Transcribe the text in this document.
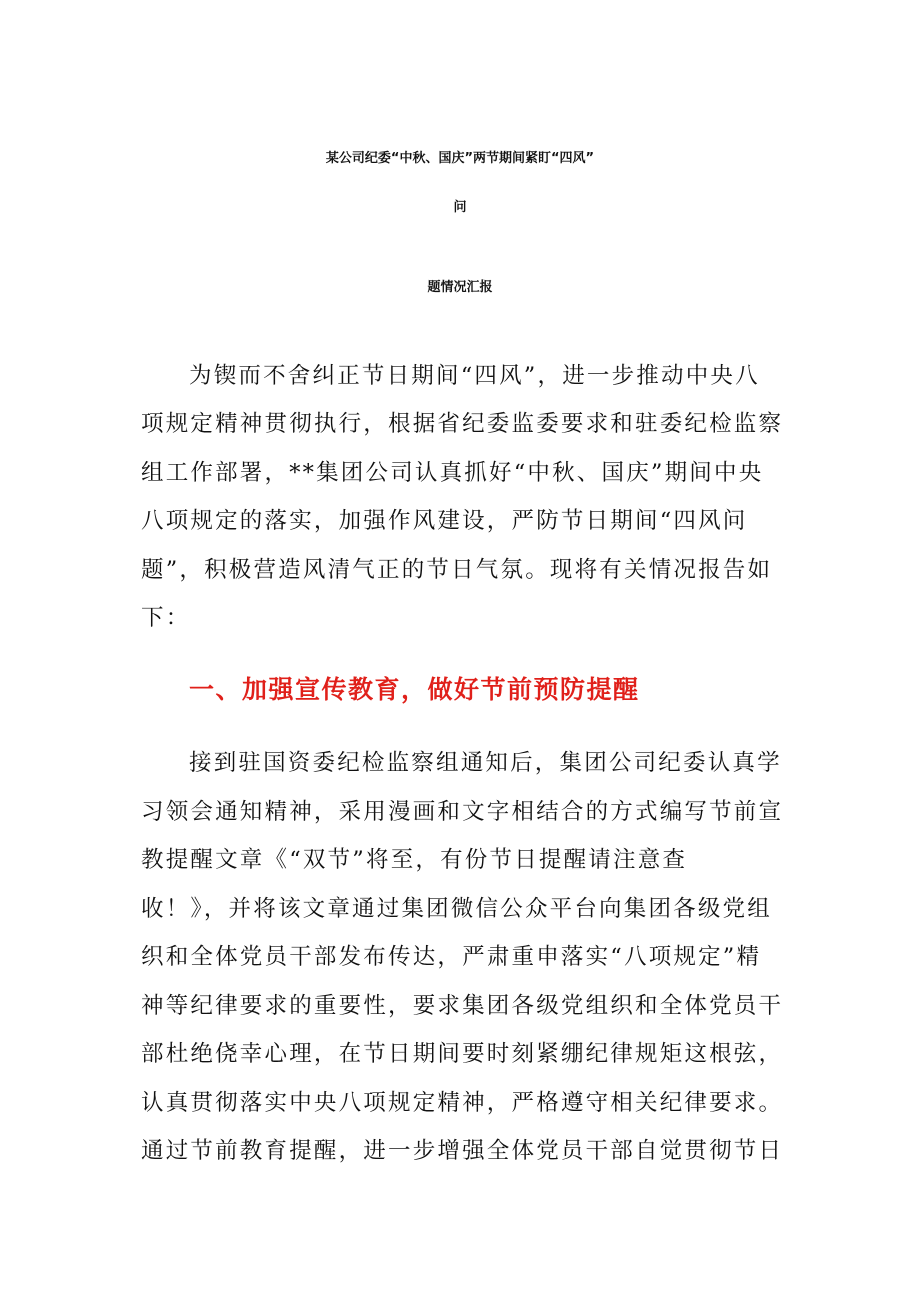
某公司纪委“中秋、国庆”两节期间紧盯“四风”
问
题情况汇报
为锲而不舍纠正节日期间“四风”，进一步推动中央八
项规定精神贯彻执行，根据省纪委监委要求和驻委纪检监察
组工作部署，**集团公司认真抓好“中秋、国庆”期间中央
八项规定的落实，加强作风建设，严防节日期间“四风问
题”，积极营造风清气正的节日气氛。现将有关情况报告如
下：
一、加强宣传教育，做好节前预防提醒
接到驻国资委纪检监察组通知后，集团公司纪委认真学
习领会通知精神，采用漫画和文字相结合的方式编写节前宣
教提醒文章《“双节”将至，有份节日提醒请注意查
收！》，并将该文章通过集团微信公众平台向集团各级党组
织和全体党员干部发布传达，严肃重申落实“八项规定”精
神等纪律要求的重要性，要求集团各级党组织和全体党员干
部杜绝侥幸心理，在节日期间要时刻紧绷纪律规矩这根弦，
认真贯彻落实中央八项规定精神，严格遵守相关纪律要求。
通过节前教育提醒，进一步增强全体党员干部自觉贯彻节日
